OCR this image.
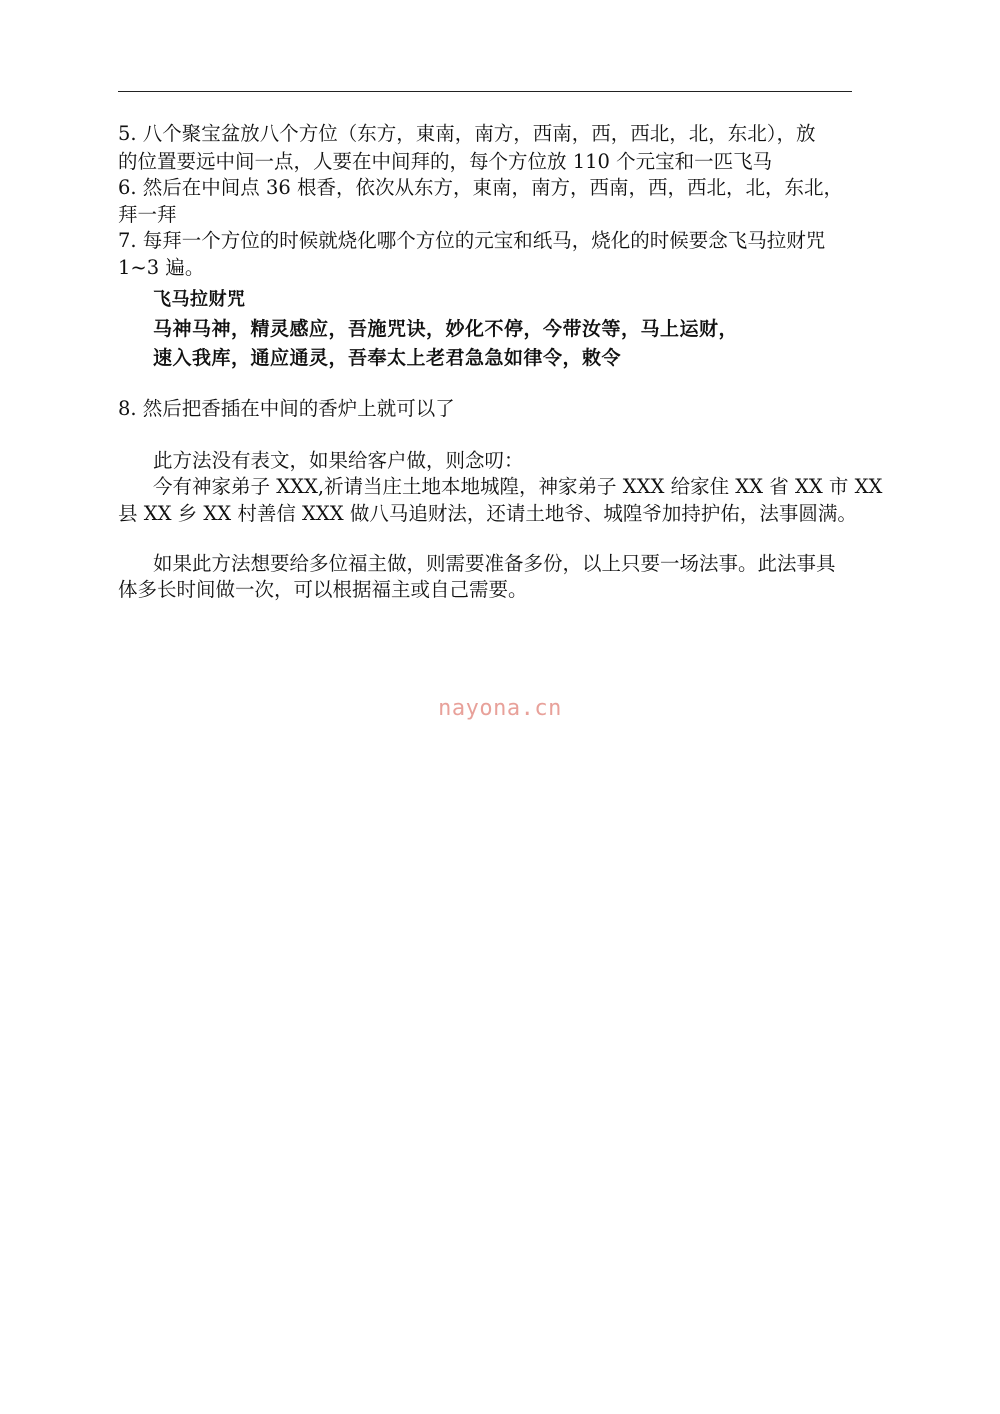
5. 八个聚宝盆放八个方位（东方，東南，南方，西南，西，西北，北，东北），放
的位置要远中间一点，人要在中间拜的，每个方位放 110 个元宝和一匹飞马
6. 然后在中间点 36 根香，依次从东方，東南，南方，西南，西，西北，北，东北，
拜一拜
7. 每拜一个方位的时候就烧化哪个方位的元宝和纸马，烧化的时候要念飞马拉财咒
1~3 遍。
飞马拉财咒
马神马神，精灵感应，吾施咒诀，妙化不停，今带汝等，马上运财，
速入我库，通应通灵，吾奉太上老君急急如律令，敕令
8. 然后把香插在中间的香炉上就可以了
此方法没有表文，如果给客户做，则念叨：
今有神家弟子 XXX,祈请当庄土地本地城隍，神家弟子 XXX 给家住 XX 省 XX 市 XX
县 XX 乡 XX 村善信 XXX 做八马追财法，还请土地爷、城隍爷加持护佑，法事圆满。
如果此方法想要给多位福主做，则需要准备多份，以上只要一场法事。此法事具
体多长时间做一次，可以根据福主或自己需要。
nayona.cn
